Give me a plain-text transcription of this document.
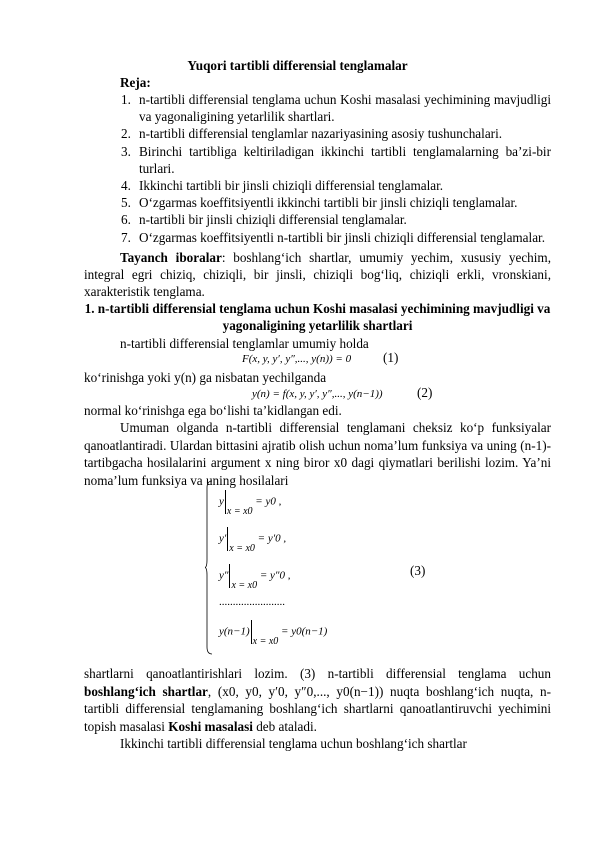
Yuqori tartibli differensial tenglamalar
Reja:
1. n-tartibli differensial tenglama uchun Koshi masalasi yechimining mavjudligi va yagonaligining yetarlilik shartlari.
2. n-tartibli differensial tenglamlar nazariyasining asosiy tushunchalari.
3. Birinchi tartibliga keltiriladigan ikkinchi tartibli tenglamalarning ba’zi-bir turlari.
4. Ikkinchi tartibli bir jinsli chiziqli differensial tenglamalar.
5. O‘zgarmas koeffitsiyentli ikkinchi tartibli bir jinsli chiziqli tenglamalar.
6. n-tartibli bir jinsli chiziqli differensial tenglamalar.
7. O‘zgarmas koeffitsiyentli n-tartibli bir jinsli chiziqli differensial tenglamalar.

Tayanch iboralar: boshlang‘ich shartlar, umumiy yechim, xususiy yechim, integral egri chiziq, chiziqli, bir jinsli, chiziqli bog‘liq, chiziqli erkli, vronskiani, xarakteristik tenglama.

1. n-tartibli differensial tenglama uchun Koshi masalasi yechimining mavjudligi va yagonaligining yetarlilik shartlari

n-tartibli differensial tenglamlar umumiy holda

F(x, y, y′, y″,..., y(n)) = 0 (1)

ko‘rinishga yoki y(n) ga nisbatan yechilganda

y(n) = f(x, y, y′, y″,..., y(n−1))	(2)

normal ko‘rinishga ega bo‘lishi ta’kidlangan edi.

Umuman olganda n-tartibli differensial tenglamani cheksiz ko‘p funksiyalar qanoatlantiradi. Ulardan bittasini ajratib olish uchun noma’lum funksiya va uning (n-1)-tartibgacha hosilalarini argument x ning biror x0 dagi qiymatlari berilishi lozim. Ya’ni noma’lum funksiya va uning hosilalari

yx = x0 = y0 ,
y′x = x0 = y′0 ,
y″x = x0 = y″0 ,
........................
y(n−1)x = x0 = y0(n−1)
(3)

shartlarni qanoatlantirishlari lozim. (3) n-tartibli differensial tenglama uchun boshlang‘ich shartlar, (x0, y0, y′0, y″0,..., y0(n−1)) nuqta boshlang‘ich nuqta, n-tartibli differensial tenglamaning boshlang‘ich shartlarni qanoatlantiruvchi yechimini topish masalasi Koshi masalasi deb ataladi.

Ikkinchi tartibli differensial tenglama uchun boshlang‘ich shartlar
